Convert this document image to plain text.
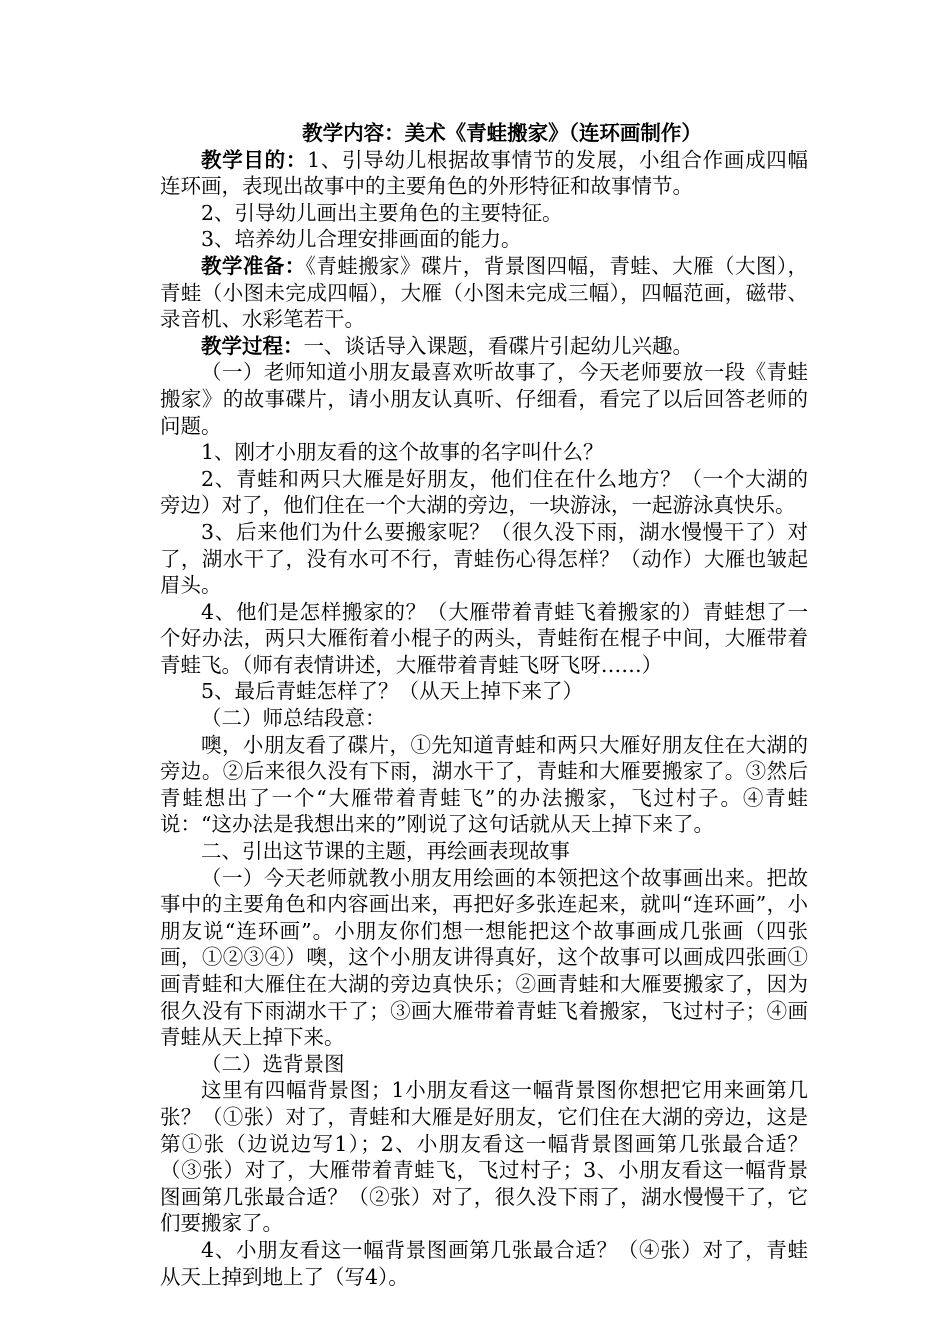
教学内容：美术《青蛙搬家》（连环画制作）

教学目的：1、引导幼儿根据故事情节的发展，小组合作画成四幅连环画，表现出故事中的主要角色的外形特征和故事情节。

2、引导幼儿画出主要角色的主要特征。

3、培养幼儿合理安排画面的能力。

教学准备：《青蛙搬家》碟片，背景图四幅，青蛙、大雁（大图），青蛙（小图未完成四幅），大雁（小图未完成三幅），四幅范画，磁带、录音机、水彩笔若干。

教学过程：一、谈话导入课题，看碟片引起幼儿兴趣。

（一）老师知道小朋友最喜欢听故事了，今天老师要放一段《青蛙搬家》的故事碟片，请小朋友认真听、仔细看，看完了以后回答老师的问题。

1、刚才小朋友看的这个故事的名字叫什么？

2、青蛙和两只大雁是好朋友，他们住在什么地方？（一个大湖的旁边）对了，他们住在一个大湖的旁边，一块游泳，一起游泳真快乐。

3、后来他们为什么要搬家呢？（很久没下雨，湖水慢慢干了）对了，湖水干了，没有水可不行，青蛙伤心得怎样？（动作）大雁也皱起眉头。

4、他们是怎样搬家的？（大雁带着青蛙飞着搬家的）青蛙想了一个好办法，两只大雁衔着小棍子的两头，青蛙衔在棍子中间，大雁带着青蛙飞。（师有表情讲述，大雁带着青蛙飞呀飞呀……）

5、最后青蛙怎样了？（从天上掉下来了）

（二）师总结段意：

噢，小朋友看了碟片，①先知道青蛙和两只大雁好朋友住在大湖的旁边。②后来很久没有下雨，湖水干了，青蛙和大雁要搬家了。③然后青蛙想出了一个“大雁带着青蛙飞”的办法搬家，飞过村子。④青蛙说：“这办法是我想出来的”刚说了这句话就从天上掉下来了。

二、引出这节课的主题，再绘画表现故事

（一）今天老师就教小朋友用绘画的本领把这个故事画出来。把故事中的主要角色和内容画出来，再把好多张连起来，就叫“连环画”，小朋友说“连环画”。小朋友你们想一想能把这个故事画成几张画（四张画，①②③④）噢，这个小朋友讲得真好，这个故事可以画成四张画①画青蛙和大雁住在大湖的旁边真快乐；②画青蛙和大雁要搬家了，因为很久没有下雨湖水干了；③画大雁带着青蛙飞着搬家，飞过村子；④画青蛙从天上掉下来。

（二）选背景图

这里有四幅背景图；1小朋友看这一幅背景图你想把它用来画第几张？（①张）对了，青蛙和大雁是好朋友，它们住在大湖的旁边，这是第①张（边说边写1）；2、小朋友看这一幅背景图画第几张最合适？（③张）对了，大雁带着青蛙飞，飞过村子；3、小朋友看这一幅背景图画第几张最合适？（②张）对了，很久没下雨了，湖水慢慢干了，它们要搬家了。

4、小朋友看这一幅背景图画第几张最合适？（④张）对了，青蛙从天上掉到地上了（写4）。
